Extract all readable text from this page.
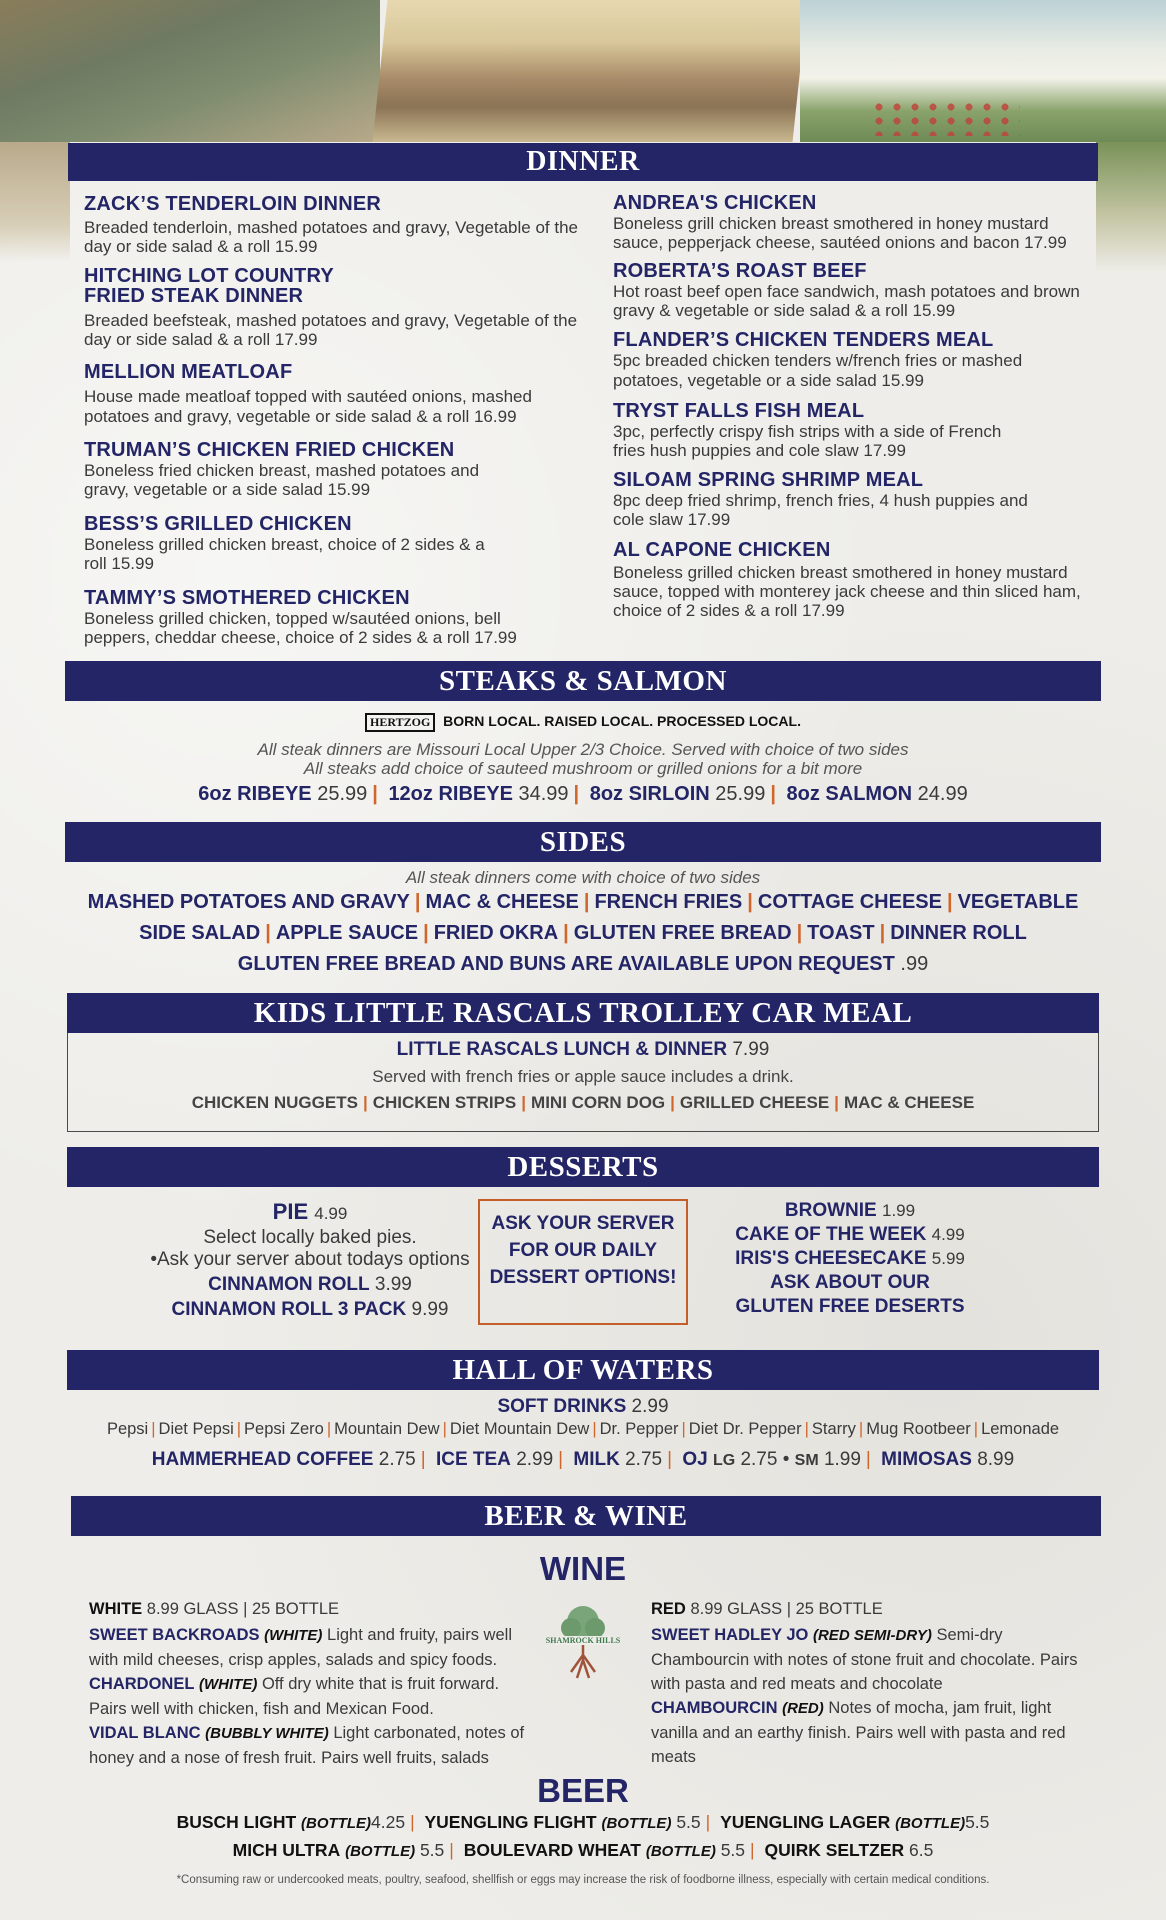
DINNER
ZACK’S TENDERLOIN DINNER
Breaded tenderloin, mashed potatoes and gravy, Vegetable of the day or side salad & a roll 15.99
HITCHING LOT COUNTRY FRIED STEAK DINNER
Breaded beefsteak, mashed potatoes and gravy, Vegetable of the day or side salad & a roll 17.99
MELLION MEATLOAF
House made meatloaf topped with sautéed onions, mashed potatoes and gravy, vegetable or side salad & a roll 16.99
TRUMAN’S CHICKEN FRIED CHICKEN
Boneless fried chicken breast, mashed potatoes and gravy, vegetable or a side salad 15.99
BESS’S GRILLED CHICKEN
Boneless grilled chicken breast, choice of 2 sides & a roll 15.99
TAMMY’S SMOTHERED CHICKEN
Boneless grilled chicken, topped w/sautéed onions, bell peppers, cheddar cheese, choice of 2 sides & a roll 17.99
ANDREA'S CHICKEN
Boneless grill chicken breast smothered in honey mustard sauce, pepperjack cheese, sautéed onions and bacon 17.99
ROBERTA’S ROAST BEEF
Hot roast beef open face sandwich, mash potatoes and brown gravy & vegetable or side salad & a roll 15.99
FLANDER’S CHICKEN TENDERS MEAL
5pc breaded chicken tenders w/french fries or mashed potatoes, vegetable or a side salad 15.99
TRYST FALLS FISH MEAL
3pc, perfectly crispy fish strips with a side of French fries hush puppies and cole slaw 17.99
SILOAM SPRING SHRIMP MEAL
8pc deep fried shrimp, french fries, 4 hush puppies and cole slaw 17.99
AL CAPONE CHICKEN
Boneless grilled chicken breast smothered in honey mustard sauce, topped with monterey jack cheese and thin sliced ham, choice of 2 sides & a roll 17.99
STEAKS & SALMON
HERTZOG BORN LOCAL. RAISED LOCAL. PROCESSED LOCAL.
All steak dinners are Missouri Local Upper 2/3 Choice. Served with choice of two sides
All steaks add choice of sauteed mushroom or grilled onions for a bit more
6oz RIBEYE 25.99 | 12oz RIBEYE 34.99 | 8oz SIRLOIN 25.99 | 8oz SALMON 24.99
SIDES
All steak dinners come with choice of two sides
MASHED POTATOES AND GRAVY | MAC & CHEESE | FRENCH FRIES | COTTAGE CHEESE | VEGETABLE
SIDE SALAD | APPLE SAUCE | FRIED OKRA | GLUTEN FREE BREAD | TOAST | DINNER ROLL
GLUTEN FREE BREAD AND BUNS ARE AVAILABLE UPON REQUEST .99
KIDS LITTLE RASCALS TROLLEY CAR MEAL
LITTLE RASCALS LUNCH & DINNER 7.99
Served with french fries or apple sauce includes a drink.
CHICKEN NUGGETS | CHICKEN STRIPS | MINI CORN DOG | GRILLED CHEESE | MAC & CHEESE
DESSERTS
PIE 4.99
Select locally baked pies.
•Ask your server about todays options
CINNAMON ROLL 3.99
CINNAMON ROLL 3 PACK 9.99
ASK YOUR SERVER FOR OUR DAILY DESSERT OPTIONS!
BROWNIE 1.99
CAKE OF THE WEEK 4.99
IRIS'S CHEESECAKE 5.99
ASK ABOUT OUR
GLUTEN FREE DESERTS
HALL OF WATERS
SOFT DRINKS 2.99
Pepsi | Diet Pepsi | Pepsi Zero | Mountain Dew | Diet Mountain Dew | Dr. Pepper | Diet Dr. Pepper | Starry | Mug Rootbeer | Lemonade
HAMMERHEAD COFFEE 2.75 | ICE TEA 2.99 | MILK 2.75 | OJ LG 2.75 • SM 1.99 | MIMOSAS 8.99
BEER & WINE
WINE
WHITE 8.99 GLASS | 25 BOTTLE
SWEET BACKROADS (WHITE) Light and fruity, pairs well with mild cheeses, crisp apples, salads and spicy foods.
CHARDONEL (WHITE) Off dry white that is fruit forward. Pairs well with chicken, fish and Mexican Food.
VIDAL BLANC (BUBBLY WHITE) Light carbonated, notes of honey and a nose of fresh fruit. Pairs well fruits, salads
SHAMROCK HILLS
RED 8.99 GLASS | 25 BOTTLE
SWEET HADLEY JO (RED SEMI-DRY) Semi-dry Chambourcin with notes of stone fruit and chocolate. Pairs with pasta and red meats and chocolate
CHAMBOURCIN (RED) Notes of mocha, jam fruit, light vanilla and an earthy finish. Pairs well with pasta and red meats
BEER
BUSCH LIGHT (BOTTLE)4.25 | YUENGLING FLIGHT (BOTTLE) 5.5 | YUENGLING LAGER (BOTTLE)5.5
MICH ULTRA (BOTTLE) 5.5 | BOULEVARD WHEAT (BOTTLE) 5.5 | QUIRK SELTZER 6.5
*Consuming raw or undercooked meats, poultry, seafood, shellfish or eggs may increase the risk of foodborne illness, especially with certain medical conditions.
